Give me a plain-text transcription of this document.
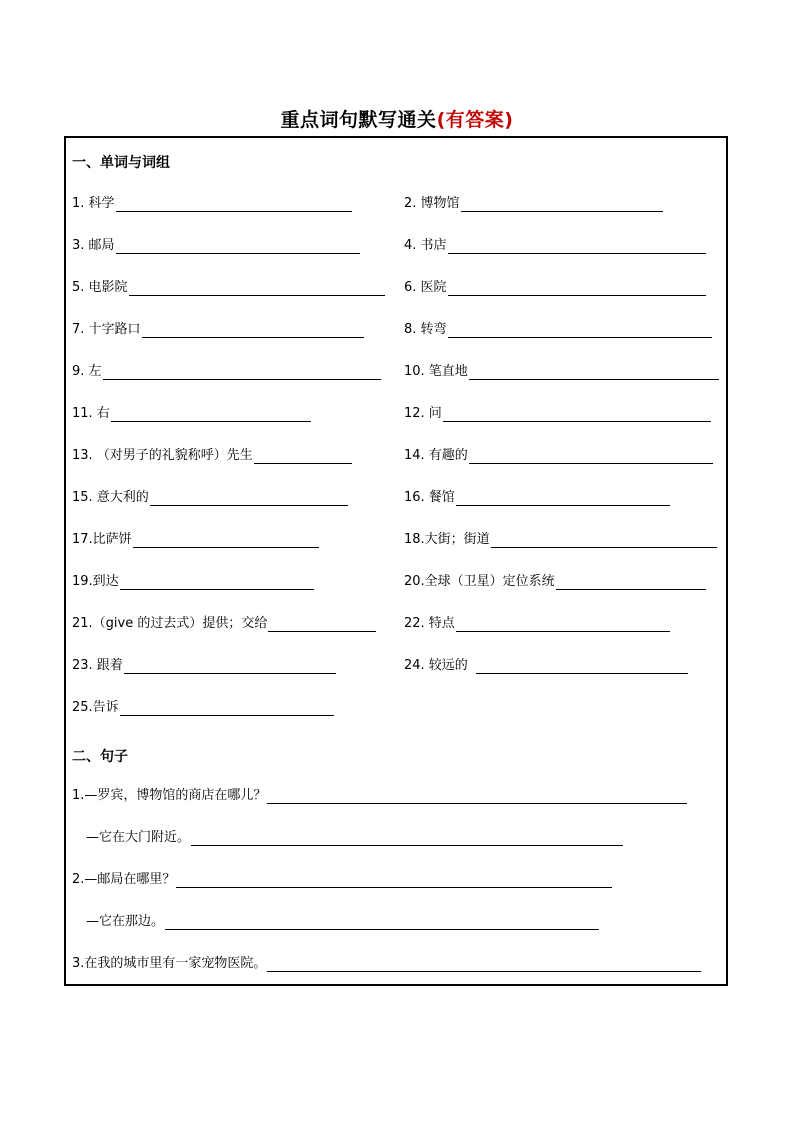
重点词句默写通关(有答案)
一、单词与词组
1. 科学	2. 博物馆
3. 邮局	4. 书店
5. 电影院	6. 医院
7. 十字路口	8. 转弯
9. 左	10. 笔直地
11. 右	12. 问
13. （对男子的礼貌称呼）先生	14. 有趣的
15. 意大利的	16. 餐馆
17.比萨饼	18.大街；街道
19.到达	20.全球（卫星）定位系统
21.（give 的过去式）提供；交给	22. 特点
23. 跟着	24. 较远的
25.告诉
二、句子
1.—罗宾，博物馆的商店在哪儿？
—它在大门附近。
2.—邮局在哪里？
—它在那边。
3.在我的城市里有一家宠物医院。
